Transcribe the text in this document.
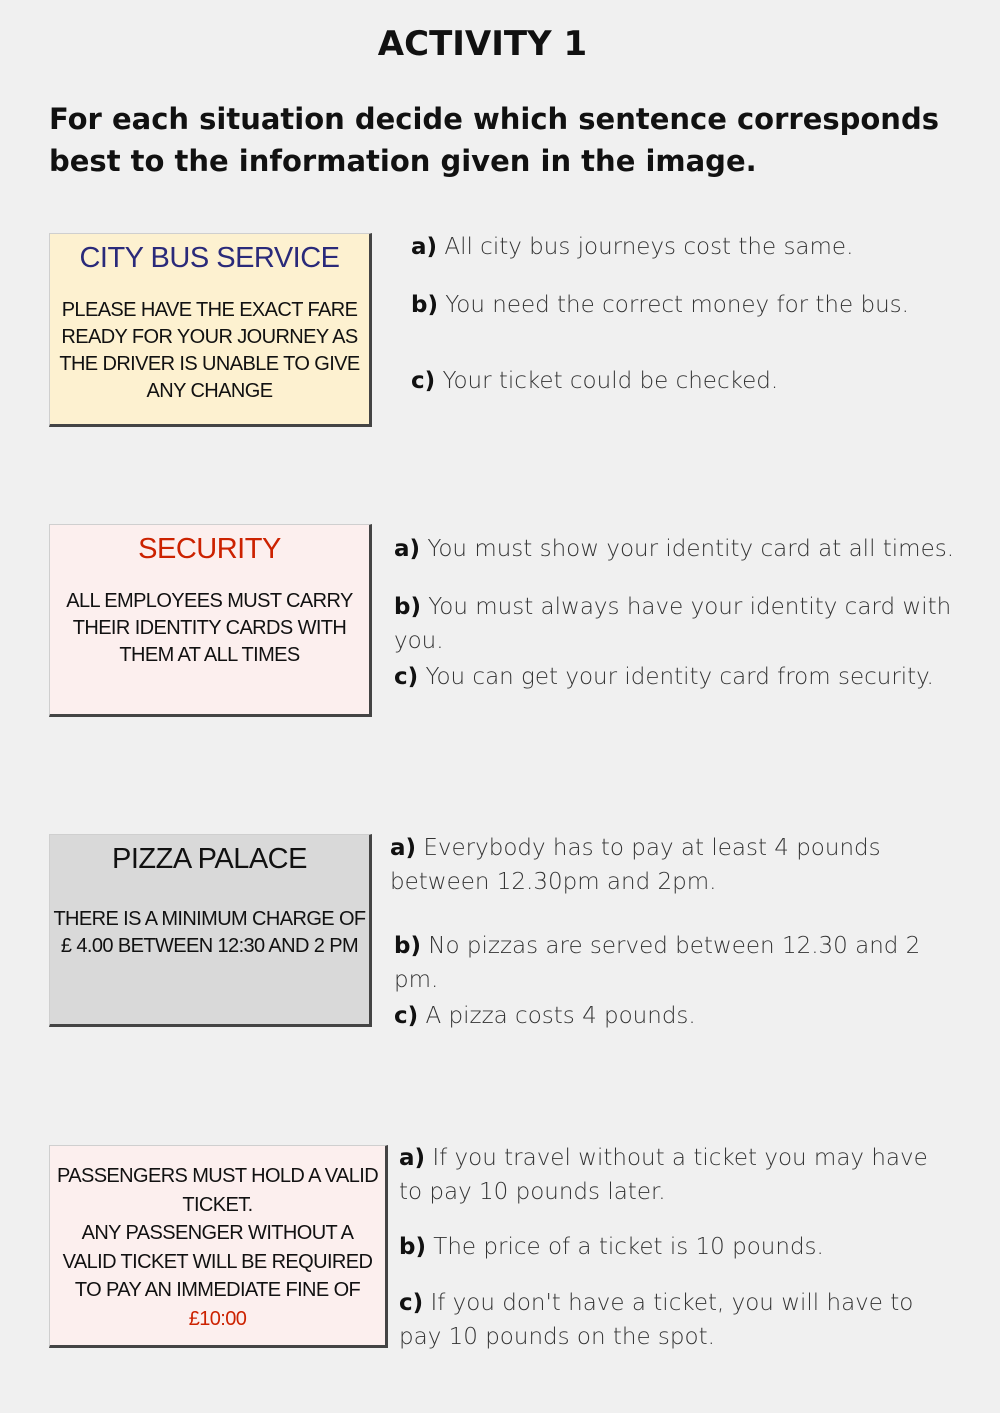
ACTIVITY 1

For each situation decide which sentence corresponds best to the information given in the image.

CITY BUS SERVICE
PLEASE HAVE THE EXACT FARE
READY FOR YOUR JOURNEY AS
THE DRIVER IS UNABLE TO GIVE
ANY CHANGE

a) All city bus journeys cost the same.

b) You need the correct money for the bus.

c) Your ticket could be checked.

SECURITY
ALL EMPLOYEES MUST CARRY
THEIR IDENTITY CARDS WITH
THEM AT ALL TIMES

a) You must show your identity card at all times.

b) You must always have your identity card with you.

c) You can get your identity card from security.

PIZZA PALACE
THERE IS A MINIMUM CHARGE OF
£ 4.00 BETWEEN 12:30 AND 2 PM

a) Everybody has to pay at least 4 pounds between 12.30pm and 2pm.

b) No pizzas are served between 12.30 and 2 pm.

c) A pizza costs 4 pounds.

PASSENGERS MUST HOLD A VALID
TICKET.
ANY PASSENGER WITHOUT A
VALID TICKET WILL BE REQUIRED
TO PAY AN IMMEDIATE FINE OF
£10:00

a) If you travel without a ticket you may have to pay 10 pounds later.

b) The price of a ticket is 10 pounds.

c) If you don't have a ticket, you will have to pay 10 pounds on the spot.
